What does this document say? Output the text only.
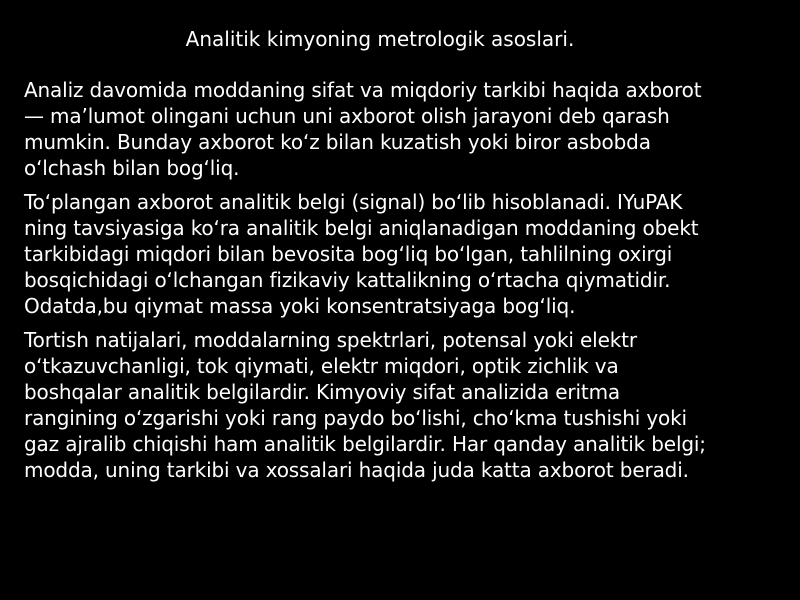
Analitik kimyoning metrologik asoslari.

Analiz davomida moddaning sifat va miqdoriy tarkibi haqida axborot
— ma’lumot olingani uchun uni axborot olish jarayoni deb qarash
mumkin. Bunday axborot koʻz bilan kuzatish yoki biror asbobda
oʻlchash bilan bogʻliq.

Toʻplangan axborot analitik belgi (signal) boʻlib hisoblanadi. IYuPAK
ning tavsiyasiga koʻra analitik belgi aniqlanadigan moddaning obekt
tarkibidagi miqdori bilan bevosita bogʻliq boʻlgan, tahlilning oxirgi
bosqichidagi oʻlchangan fizikaviy kattalikning oʻrtacha qiymatidir.
Odatda,bu qiymat massa yoki konsentratsiyaga bogʻliq.

Tortish natijalari, moddalarning spektrlari, potensal yoki elektr
oʻtkazuvchanligi, tok qiymati, elektr miqdori, optik zichlik va
boshqalar analitik belgilardir. Kimyoviy sifat analizida eritma
rangining oʻzgarishi yoki rang paydo boʻlishi, choʻkma tushishi yoki
gaz ajralib chiqishi ham analitik belgilardir. Har qanday analitik belgi;
modda, uning tarkibi va xossalari haqida juda katta axborot beradi.
